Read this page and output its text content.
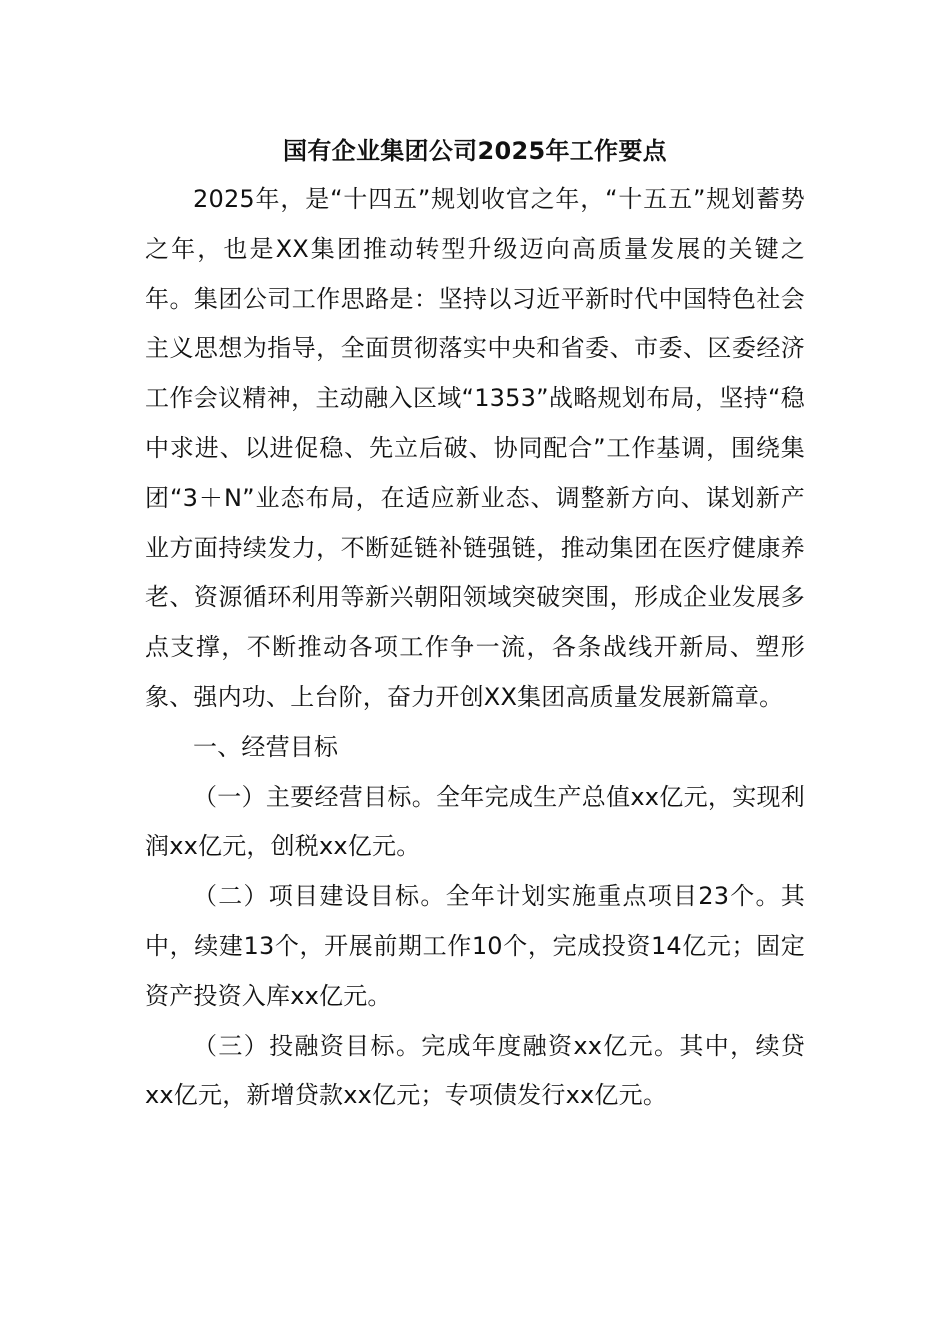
国有企业集团公司2025年工作要点

2025年，是“十四五”规划收官之年，“十五五”规划蓄势之年，也是XX集团推动转型升级迈向高质量发展的关键之年。集团公司工作思路是：坚持以习近平新时代中国特色社会主义思想为指导，全面贯彻落实中央和省委、市委、区委经济工作会议精神，主动融入区域“1353”战略规划布局，坚持“稳中求进、以进促稳、先立后破、协同配合”工作基调，围绕集团“3＋N”业态布局，在适应新业态、调整新方向、谋划新产业方面持续发力，不断延链补链强链，推动集团在医疗健康养老、资源循环利用等新兴朝阳领域突破突围，形成企业发展多点支撑，不断推动各项工作争一流，各条战线开新局、塑形象、强内功、上台阶，奋力开创XX集团高质量发展新篇章。

一、经营目标

（一）主要经营目标。全年完成生产总值xx亿元，实现利润xx亿元，创税xx亿元。

（二）项目建设目标。全年计划实施重点项目23个。其中，续建13个，开展前期工作10个，完成投资14亿元；固定资产投资入库xx亿元。

（三）投融资目标。完成年度融资xx亿元。其中，续贷xx亿元，新增贷款xx亿元；专项债发行xx亿元。
